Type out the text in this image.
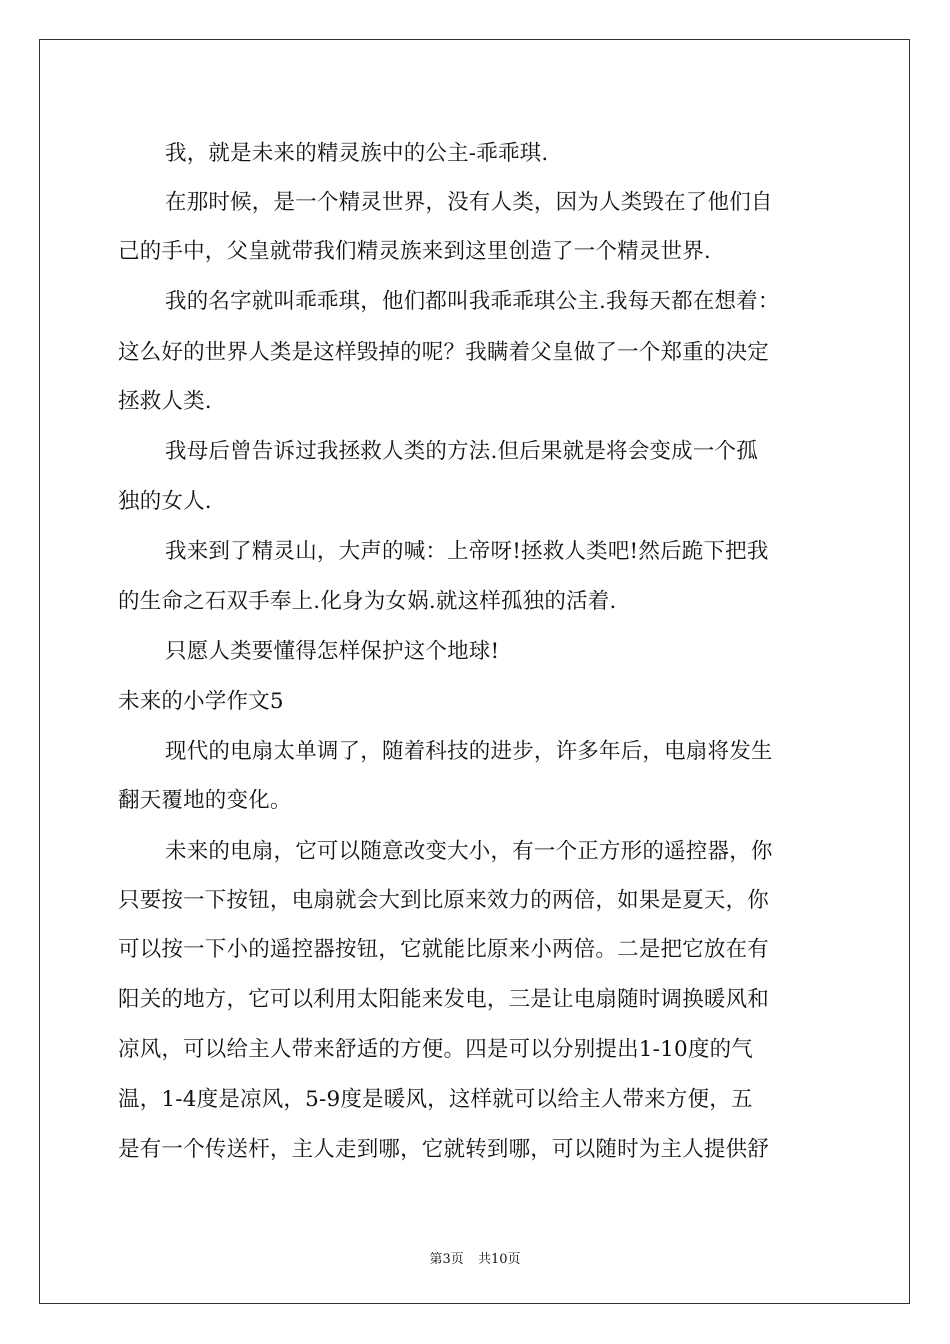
我，就是未来的精灵族中的公主-乖乖琪.
在那时候，是一个精灵世界，没有人类，因为人类毁在了他们自
己的手中，父皇就带我们精灵族来到这里创造了一个精灵世界.
我的名字就叫乖乖琪，他们都叫我乖乖琪公主.我每天都在想着：
这么好的世界人类是这样毁掉的呢？我瞒着父皇做了一个郑重的决定
拯救人类.
我母后曾告诉过我拯救人类的方法.但后果就是将会变成一个孤
独的女人.
我来到了精灵山，大声的喊：上帝呀!拯救人类吧!然后跪下把我
的生命之石双手奉上.化身为女娲.就这样孤独的活着.
只愿人类要懂得怎样保护这个地球!
未来的小学作文5
现代的电扇太单调了，随着科技的进步，许多年后，电扇将发生
翻天覆地的变化。
未来的电扇，它可以随意改变大小，有一个正方形的遥控器，你
只要按一下按钮，电扇就会大到比原来效力的两倍，如果是夏天，你
可以按一下小的遥控器按钮，它就能比原来小两倍。二是把它放在有
阳关的地方，它可以利用太阳能来发电，三是让电扇随时调换暖风和
凉风，可以给主人带来舒适的方便。四是可以分别提出1-10度的气
温，1-4度是凉风，5-9度是暖风，这样就可以给主人带来方便，五
是有一个传送杆，主人走到哪，它就转到哪，可以随时为主人提供舒
第3页 共10页
